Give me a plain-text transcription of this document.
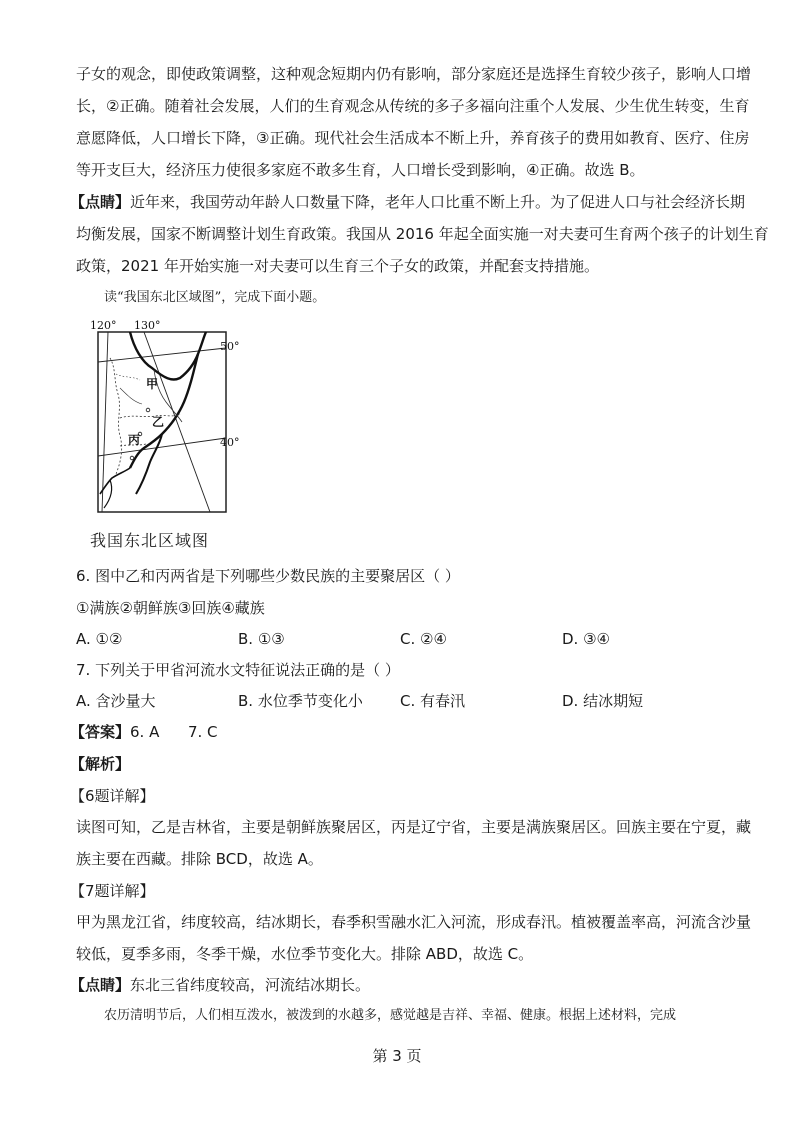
子女的观念，即使政策调整，这种观念短期内仍有影响，部分家庭还是选择生育较少孩子，影响人口增
长，②正确。随着社会发展，人们的生育观念从传统的多子多福向注重个人发展、少生优生转变，生育
意愿降低，人口增长下降，③正确。现代社会生活成本不断上升，养育孩子的费用如教育、医疗、住房
等开支巨大，经济压力使很多家庭不敢多生育，人口增长受到影响，④正确。故选 B。
【点睛】近年来，我国劳动年龄人口数量下降，老年人口比重不断上升。为了促进人口与社会经济长期
均衡发展，国家不断调整计划生育政策。我国从 2016 年起全面实施一对夫妻可生育两个孩子的计划生育
政策，2021 年开始实施一对夫妻可以生育三个子女的政策，并配套支持措施。
读“我国东北区域图”，完成下面小题。
120° 130°
50°
40°
甲
乙
丙
我国东北区域图
6. 图中乙和丙两省是下列哪些少数民族的主要聚居区（ ）
①满族②朝鲜族③回族④藏族
A. ①②	B. ①③	C. ②④	D. ③④
7. 下列关于甲省河流水文特征说法正确的是（ ）
A. 含沙量大	B. 水位季节变化小 C. 有春汛	D. 结冰期短
【答案】6. A      7. C
【解析】
【6题详解】
读图可知，乙是吉林省，主要是朝鲜族聚居区，丙是辽宁省，主要是满族聚居区。回族主要在宁夏，藏
族主要在西藏。排除 BCD，故选 A。
【7题详解】
甲为黑龙江省，纬度较高，结冰期长，春季积雪融水汇入河流，形成春汛。植被覆盖率高，河流含沙量
较低，夏季多雨，冬季干燥，水位季节变化大。排除 ABD，故选 C。
【点睛】东北三省纬度较高，河流结冰期长。
农历清明节后，人们相互泼水，被泼到的水越多，感觉越是吉祥、幸福、健康。根据上述材料，完成
第 3 页
